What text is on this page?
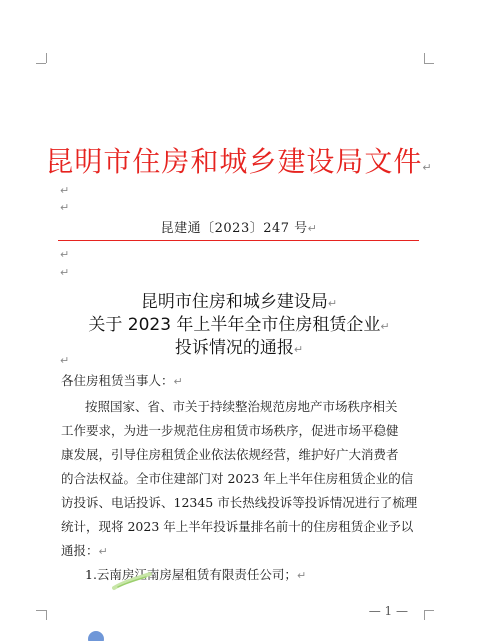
昆明市住房和城乡建设局文件↵
↵
↵
昆建通〔2023〕247 号↵
↵
↵
昆明市住房和城乡建设局↵
关于 2023 年上半年全市住房租赁企业↵
投诉情况的通报↵
↵
各住房租赁当事人：↵
按照国家、省、市关于持续整治规范房地产市场秩序相关
工作要求，为进一步规范住房租赁市场秩序，促进市场平稳健
康发展，引导住房租赁企业依法依规经营，维护好广大消费者
的合法权益。全市住建部门对 2023 年上半年住房租赁企业的信
访投诉、电话投诉、12345 市长热线投诉等投诉情况进行了梳理
统计，现将 2023 年上半年投诉量排名前十的住房租赁企业予以
通报：↵
1.云南房江南房屋租赁有限责任公司；↵
— 1 —
